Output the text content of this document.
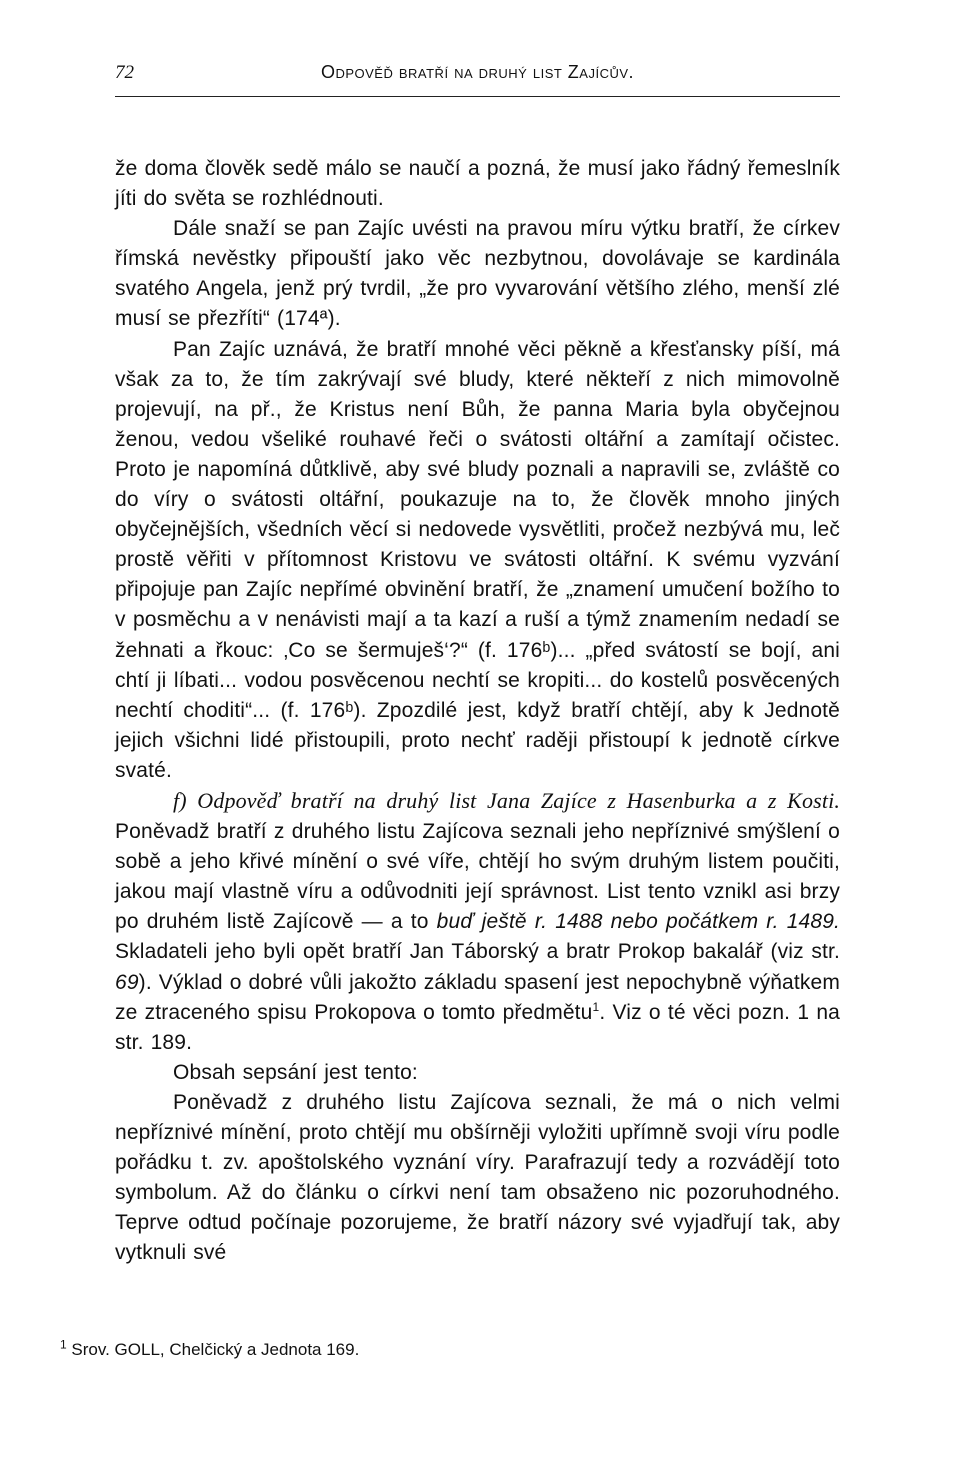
72	Odpověď bratří na druhý list Zajícův.

že doma člověk sedě málo se naučí a pozná, že musí jako řádný řemeslník jíti do světa se rozhlédnouti.

Dále snaží se pan Zajíc uvésti na pravou míru výtku bratří, že církev římská nevěstky připouští jako věc nezbytnou, dovolávaje se kardinála svatého Angela, jenž prý tvrdil, „že pro vyvarování většího zlého, menší zlé musí se přezříti“ (174ª).

Pan Zajíc uznává, že bratří mnohé věci pěkně a křesťansky píší, má však za to, že tím zakrývají své bludy, které někteří z nich mimovolně projevují, na př., že Kristus není Bůh, že panna Maria byla obyčejnou ženou, vedou všeliké rouhavé řeči o svátosti oltářní a zamítají očistec. Proto je napomíná důtklivě, aby své bludy poznali a napravili se, zvláště co do víry o svátosti oltářní, poukazuje na to, že člověk mnoho jiných obyčejnějších, všedních věcí si nedovede vysvětliti, pročež nezbývá mu, leč prostě věřiti v přítomnost Kristovu ve svátosti oltářní. K svému vyzvání připojuje pan Zajíc nepřímé obvinění bratří, že „znamení umučení božího to v posměchu a v nenávisti mají a ta kazí a ruší a týmž znamením nedadí se žehnati a řkouc: ‚Co se šermuješ‘?“ (f. 176ᵇ)... „před svátostí se bojí, ani chtí ji líbati... vodou posvěcenou nechtí se kropiti... do kostelů posvěcených nechtí choditi“... (f. 176ᵇ). Zpozdilé jest, když bratří chtějí, aby k Jednotě jejich všichni lidé přistoupili, proto nechť raději přistoupí k jednotě církve svaté.

f) Odpověď bratří na druhý list Jana Zajíce z Hasenburka a z Kosti. Poněvadž bratří z druhého listu Zajícova seznali jeho nepříznivé smýšlení o sobě a jeho křivé mínění o své víře, chtějí ho svým druhým listem poučiti, jakou mají vlastně víru a odůvodniti její správnost. List tento vznikl asi brzy po druhém listě Zajícově — a to buď ještě r. 1488 nebo počátkem r. 1489. Skladateli jeho byli opět bratří Jan Táborský a bratr Prokop bakalář (viz str. 69). Výklad o dobré vůli jakožto základu spasení jest nepochybně výňatkem ze ztraceného spisu Prokopova o tomto předmětu$^1$. Viz o té věci pozn. 1 na str. 189.

Obsah sepsání jest tento:

Poněvadž z druhého listu Zajícova seznali, že má o nich velmi nepříznivé mínění, proto chtějí mu obšírněji vyložiti upřímně svoji víru podle pořádku t. zv. apoštolského vyznání víry. Parafrazují tedy a rozvádějí toto symbolum. Až do článku o církvi není tam obsaženo nic pozoruhodného. Teprve odtud počínaje pozorujeme, že bratří názory své vyjadřují tak, aby vytknuli své

$^1$ Srov. GOLL, Chelčický a Jednota 169.
